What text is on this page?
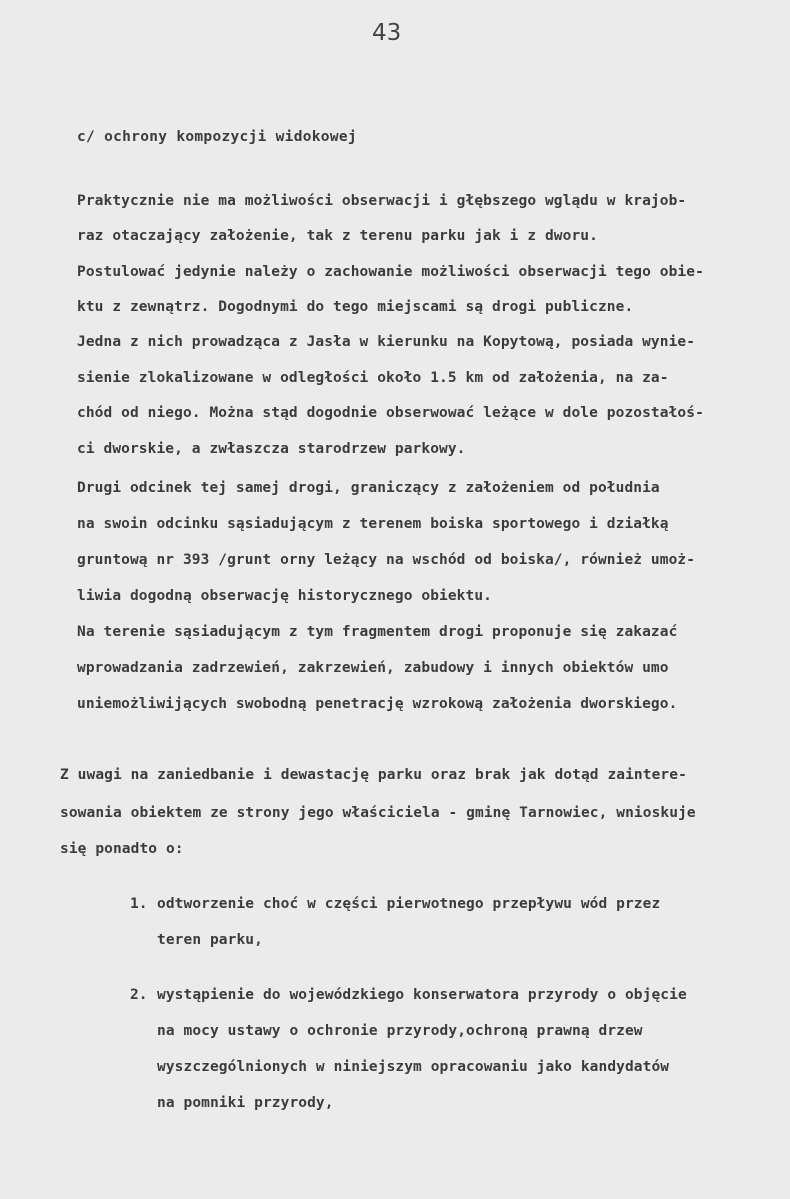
43
c/ ochrony kompozycji widokowej
Praktycznie nie ma możliwości obserwacji i głębszego wglądu w krajob-
raz otaczający założenie, tak z terenu parku jak i z dworu.
Postulować jedynie należy o zachowanie możliwości obserwacji tego obie-
ktu z zewnątrz. Dogodnymi do tego miejscami są drogi publiczne.
Jedna z nich prowadząca z Jasła w kierunku na Kopytową, posiada wynie-
sienie zlokalizowane w odległości około 1.5 km od założenia, na za-
chód od niego. Można stąd dogodnie obserwować leżące w dole pozostałoś-
ci dworskie, a zwłaszcza starodrzew parkowy.
Drugi odcinek tej samej drogi, graniczący z założeniem od południa
na swoin odcinku sąsiadującym z terenem boiska sportowego i działką
gruntową nr 393 /grunt orny leżący na wschód od boiska/, również umoż-
liwia dogodną obserwację historycznego obiektu.
Na terenie sąsiadującym z tym fragmentem drogi proponuje się zakazać
wprowadzania zadrzewień, zakrzewień, zabudowy i innych obiektów umo
uniemożliwijących swobodną penetrację wzrokową założenia dworskiego.
Z uwagi na zaniedbanie i dewastację parku oraz brak jak dotąd zaintere-
sowania obiektem ze strony jego właściciela - gminę Tarnowiec, wnioskuje
się ponadto o:
1. odtworzenie choć w części pierwotnego przepływu wód przez
teren parku,
2. wystąpienie do wojewódzkiego konserwatora przyrody o objęcie
na mocy ustawy o ochronie przyrody,ochroną prawną drzew
wyszczególnionych w niniejszym opracowaniu jako kandydatów
na pomniki przyrody,
